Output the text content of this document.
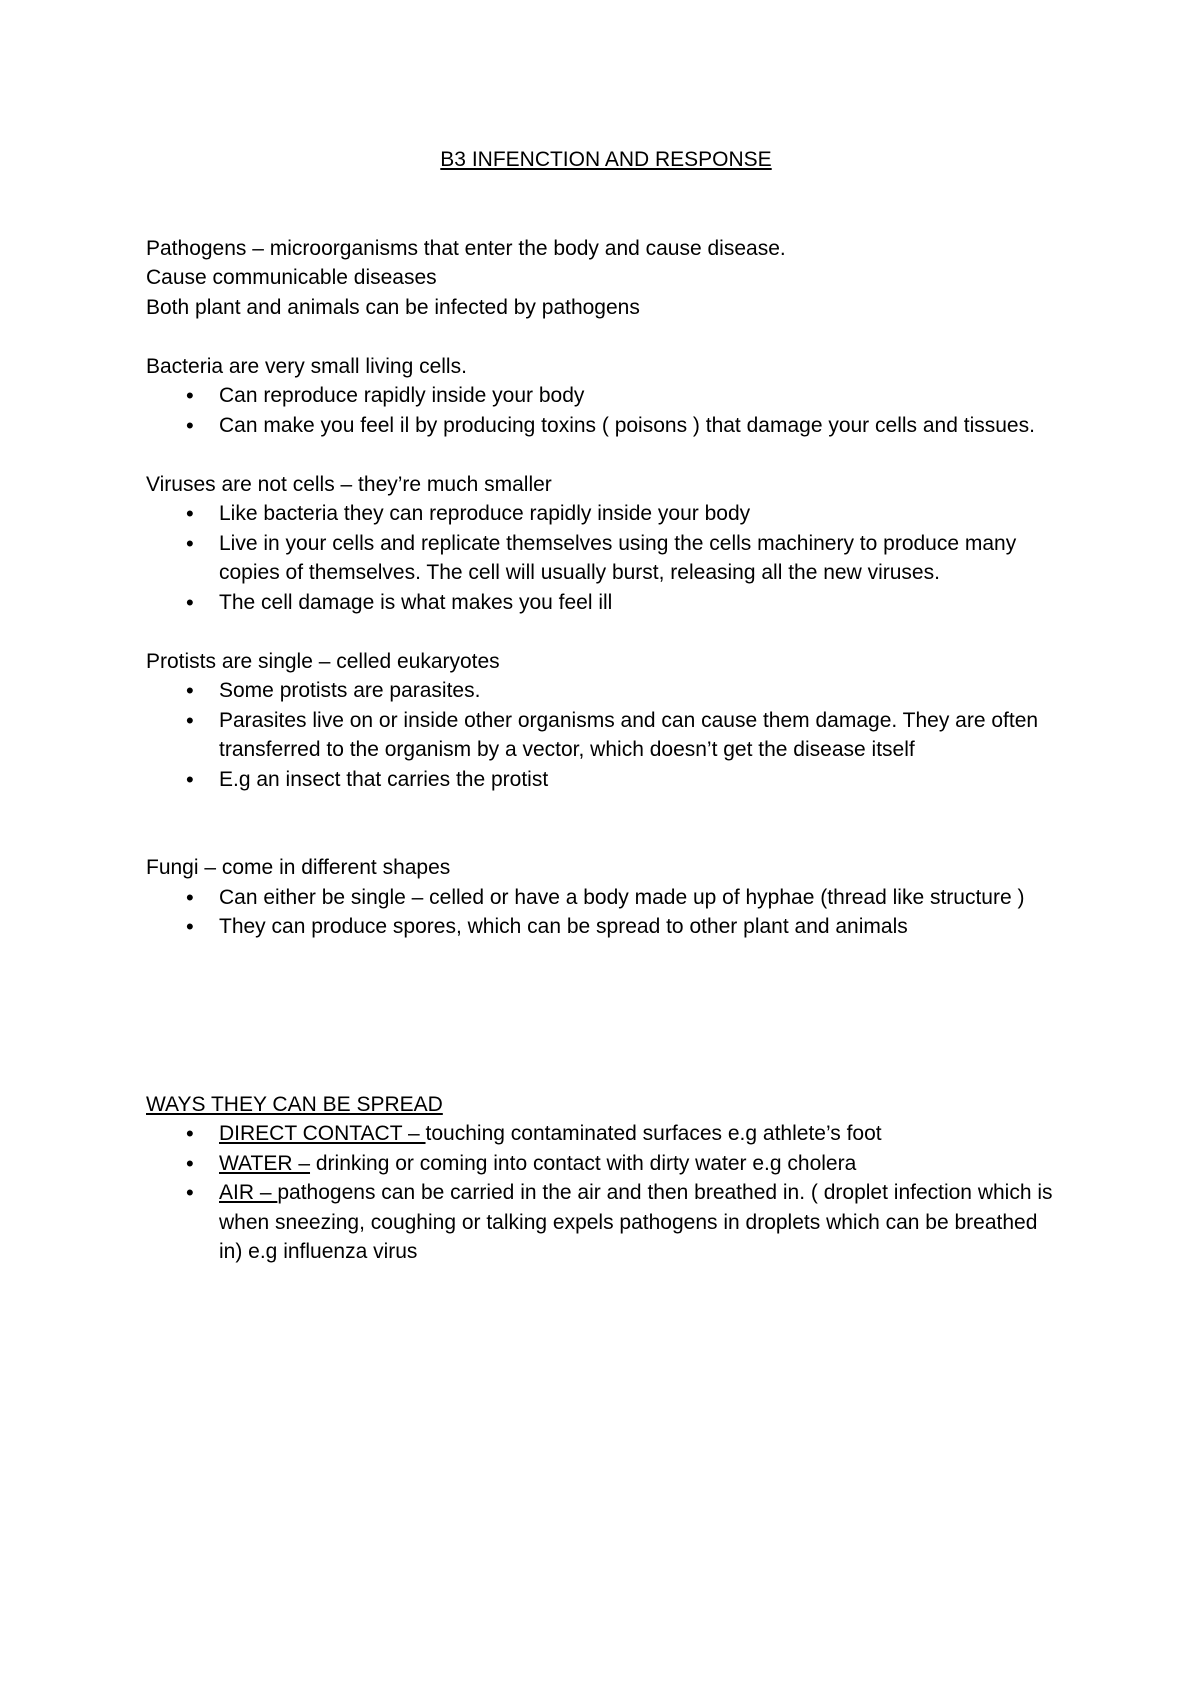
B3 INFENCTION AND RESPONSE

Pathogens – microorganisms that enter the body and cause disease.

Cause communicable diseases

Both plant and animals can be infected by pathogens

Bacteria are very small living cells.

• Can reproduce rapidly inside your body
• Can make you feel il by producing toxins ( poisons ) that damage your cells and tissues.

Viruses are not cells – they’re much smaller

• Like bacteria they can reproduce rapidly inside your body
• Live in your cells and replicate themselves using the cells machinery to produce many copies of themselves. The cell will usually burst, releasing all the new viruses.
• The cell damage is what makes you feel ill

Protists are single – celled eukaryotes

• Some protists are parasites.
• Parasites live on or inside other organisms and can cause them damage. They are often transferred to the organism by a vector, which doesn’t get the disease itself
• E.g an insect that carries the protist

Fungi – come in different shapes

• Can either be single – celled or have a body made up of hyphae (thread like structure )
• They can produce spores, which can be spread to other plant and animals

WAYS THEY CAN BE SPREAD

• DIRECT CONTACT – touching contaminated surfaces e.g athlete’s foot
• WATER – drinking or coming into contact with dirty water e.g cholera
• AIR – pathogens can be carried in the air and then breathed in. ( droplet infection which is when sneezing, coughing or talking expels pathogens in droplets which can be breathed in) e.g influenza virus
